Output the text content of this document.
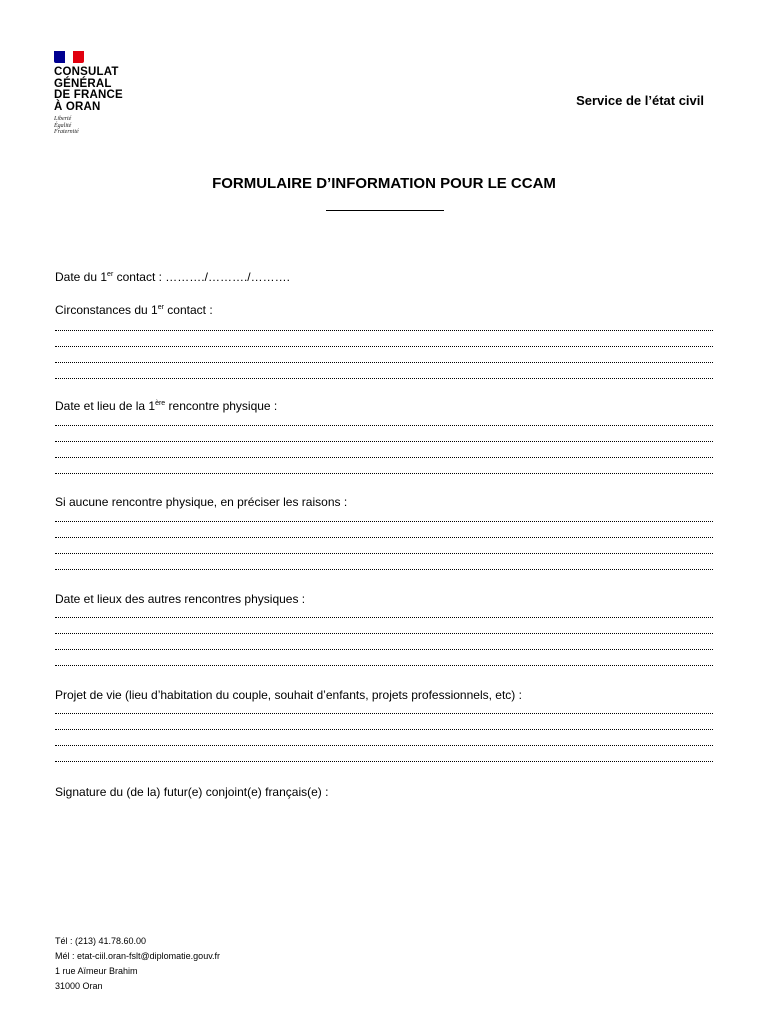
CONSULAT
GÉNÉRAL
DE FRANCE
À ORAN
Liberté
Égalité
Fraternité
Service de l’état civil
FORMULAIRE D’INFORMATION POUR LE CCAM
Date du 1er contact : ………./………./……….
Circonstances du 1er contact :
Date et lieu de la 1ère rencontre physique :
Si aucune rencontre physique, en préciser les raisons :
Date et lieux des autres rencontres physiques :
Projet de vie (lieu d’habitation du couple, souhait d’enfants, projets professionnels, etc) :
Signature du (de la) futur(e) conjoint(e) français(e) :
Tél : (213) 41.78.60.00
Mél : etat-ciil.oran-fslt@diplomatie.gouv.fr
1 rue Aïmeur Brahim
31000 Oran
